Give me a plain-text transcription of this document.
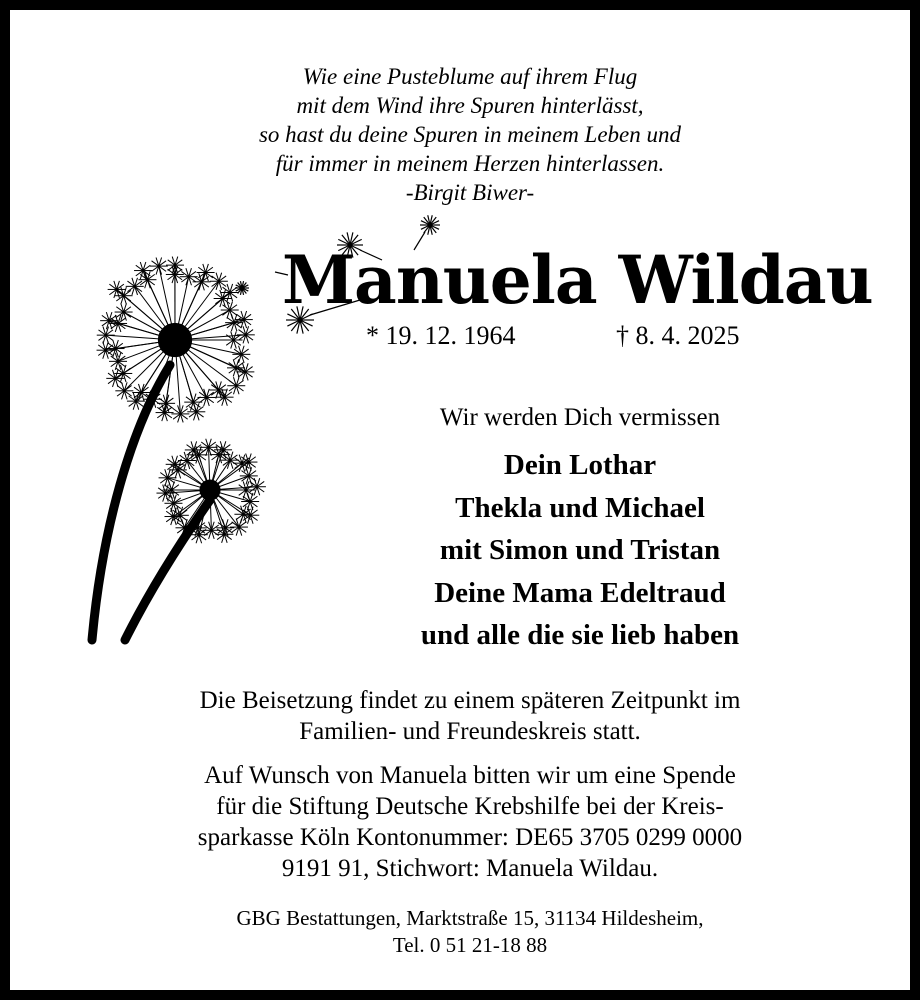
Wie eine Pusteblume auf ihrem Flug
mit dem Wind ihre Spuren hinterlässt,
so hast du deine Spuren in meinem Leben und
für immer in meinem Herzen hinterlassen.
-Birgit Biwer-
Manuela Wildau
* 19. 12. 1964	† 8. 4. 2025
Wir werden Dich vermissen
Dein Lothar
Thekla und Michael
mit Simon und Tristan
Deine Mama Edeltraud
und alle die sie lieb haben
Die Beisetzung findet zu einem späteren Zeitpunkt im
Familien- und Freundeskreis statt.
Auf Wunsch von Manuela bitten wir um eine Spende
für die Stiftung Deutsche Krebshilfe bei der Kreis-
sparkasse Köln Kontonummer: DE65 3705 0299 0000
9191 91, Stichwort: Manuela Wildau.
GBG Bestattungen, Marktstraße 15, 31134 Hildesheim,
Tel. 0 51 21-18 88
